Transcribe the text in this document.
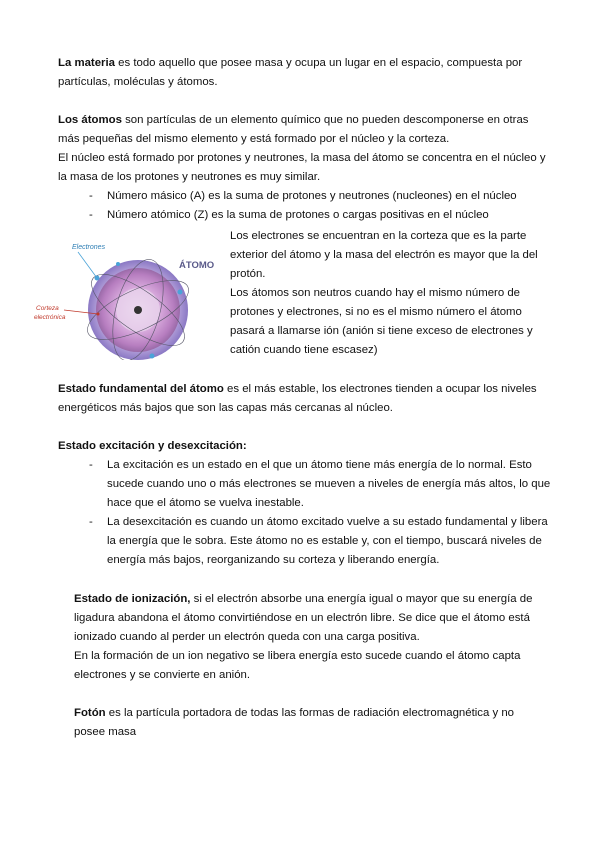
La materia es todo aquello que posee masa y ocupa un lugar en el espacio, compuesta por partículas, moléculas y átomos.
Los átomos son partículas de un elemento químico que no pueden descomponerse en otras más pequeñas del mismo elemento y está formado por el núcleo y la corteza.
El núcleo está formado por protones y neutrones, la masa del átomo se concentra en el núcleo y la masa de los protones y neutrones es muy similar.
-	Número másico (A) es la suma de protones y neutrones (nucleones) en el núcleo
-	Número atómico (Z) es la suma de protones o cargas positivas en el núcleo
Electrones
ÁTOMO
Corteza
electrónica
Los electrones se encuentran en la corteza que es la parte exterior del átomo y la masa del electrón es mayor que la del protón.
Los átomos son neutros cuando hay el mismo número de protones y electrones, si no es el mismo número el átomo pasará a llamarse ión (anión si tiene exceso de electrones y catión cuando tiene escasez)
Estado fundamental del átomo es el más estable, los electrones tienden a ocupar los niveles energéticos más bajos que son las capas más cercanas al núcleo.
Estado excitación y desexcitación:
-	La excitación es un estado en el que un átomo tiene más energía de lo normal. Esto sucede cuando uno o más electrones se mueven a niveles de energía más altos, lo que hace que el átomo se vuelva inestable.
-	La desexcitación es cuando un átomo excitado vuelve a su estado fundamental y libera la energía que le sobra. Este átomo no es estable y, con el tiempo, buscará niveles de energía más bajos, reorganizando su corteza y liberando energía.
Estado de ionización, si el electrón absorbe una energía igual o mayor que su energía de ligadura abandona el átomo convirtiéndose en un electrón libre. Se dice que el átomo está ionizado cuando al perder un electrón queda con una carga positiva.
En la formación de un ion negativo se libera energía esto sucede cuando el átomo capta electrones y se convierte en anión.
Fotón es la partícula portadora de todas las formas de radiación electromagnética y no posee masa
